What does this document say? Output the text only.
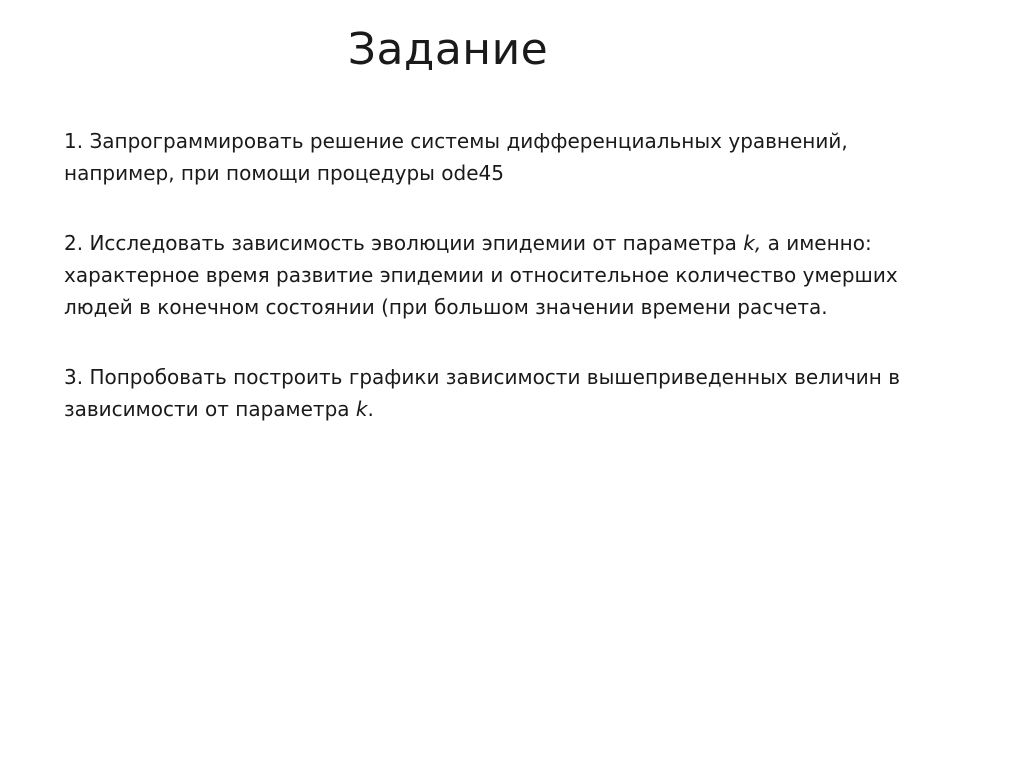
Задание

1. Запрограммировать решение системы дифференциальных уравнений,
например, при помощи процедуры ode45

2. Исследовать зависимость эволюции эпидемии от параметра k, а именно:
характерное время развитие эпидемии и относительное количество умерших
людей в конечном состоянии (при большом значении времени расчета.

3. Попробовать построить графики зависимости вышеприведенных величин в
зависимости от параметра k.
